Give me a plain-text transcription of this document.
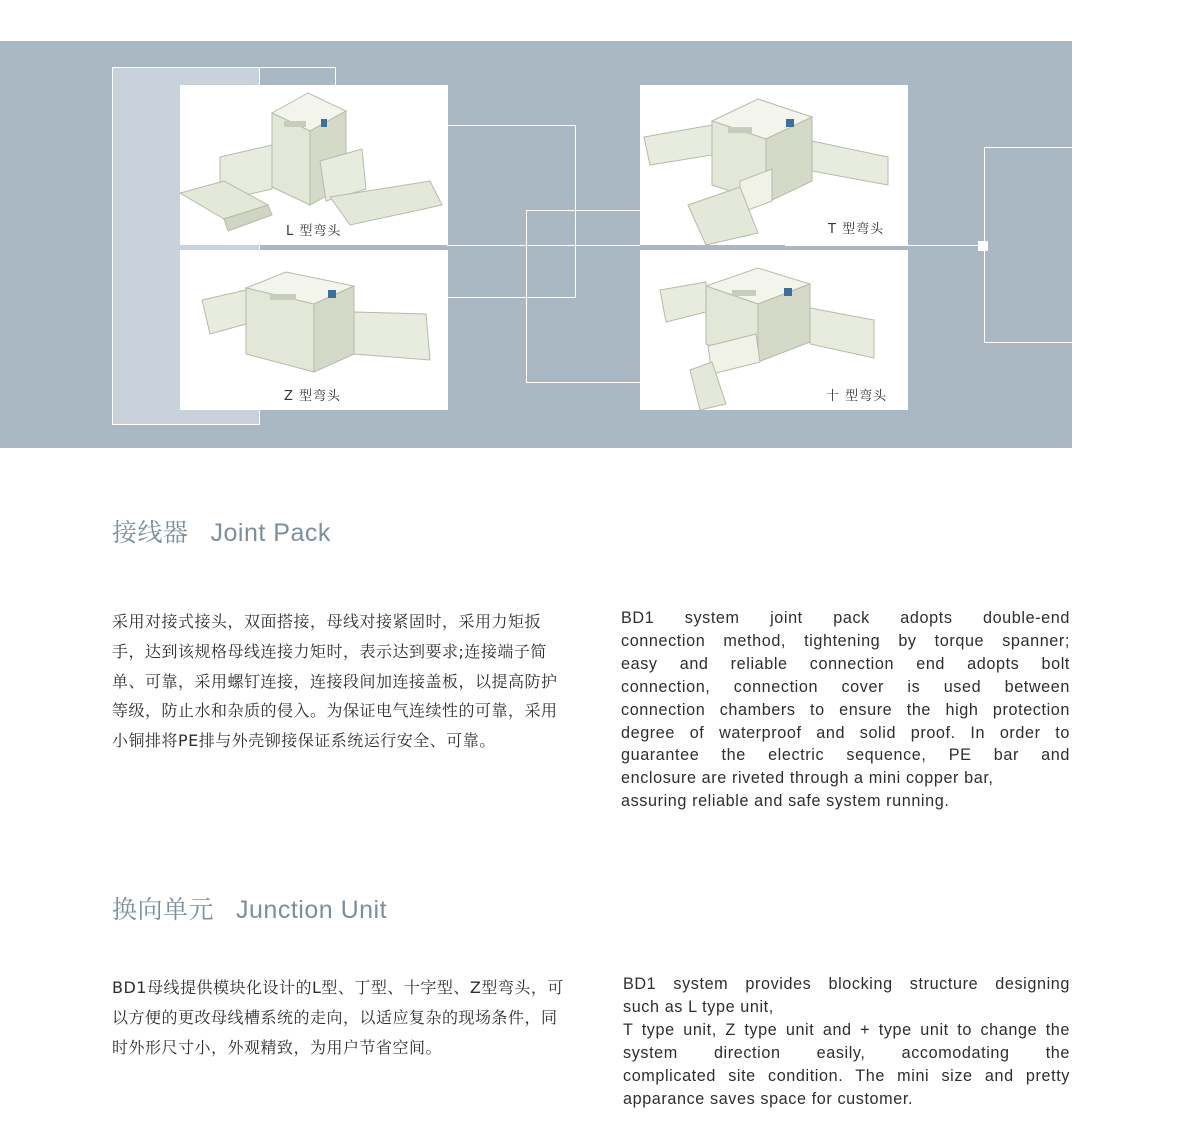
L 型弯头	T 型弯头
Z 型弯头	十 型弯头
接线器 Joint Pack
采用对接式接头，双面搭接，母线对接紧固时，采用力矩扳手，达到该规格母线连接力矩时，表示达到要求;连接端子简单、可靠，采用螺钉连接，连接段间加连接盖板，以提高防护等级，防止水和杂质的侵入。为保证电气连续性的可靠，采用小铜排将PE排与外壳铆接保证系统运行安全、可靠。
BD1 system joint pack adopts double-end
connection method, tightening by torque spanner;
easy and reliable connection end adopts bolt
connection, connection cover is used between
connection chambers to ensure the high protection
degree of waterproof and solid proof. In order to
guarantee the electric sequence, PE bar and
enclosure are riveted through a mini copper bar,
assuring reliable and safe system running.
换向单元 Junction Unit
BD1母线提供模块化设计的L型、丁型、十字型、Z型弯头，可以方便的更改母线槽系统的走向，以适应复杂的现场条件，同时外形尺寸小，外观精致，为用户节省空间。
BD1 system provides blocking structure designing
such as L type unit,
T type unit, Z type unit and + type unit to change the
system direction easily, accomodating the
complicated site condition. The mini size and pretty
apparance saves space for customer.
